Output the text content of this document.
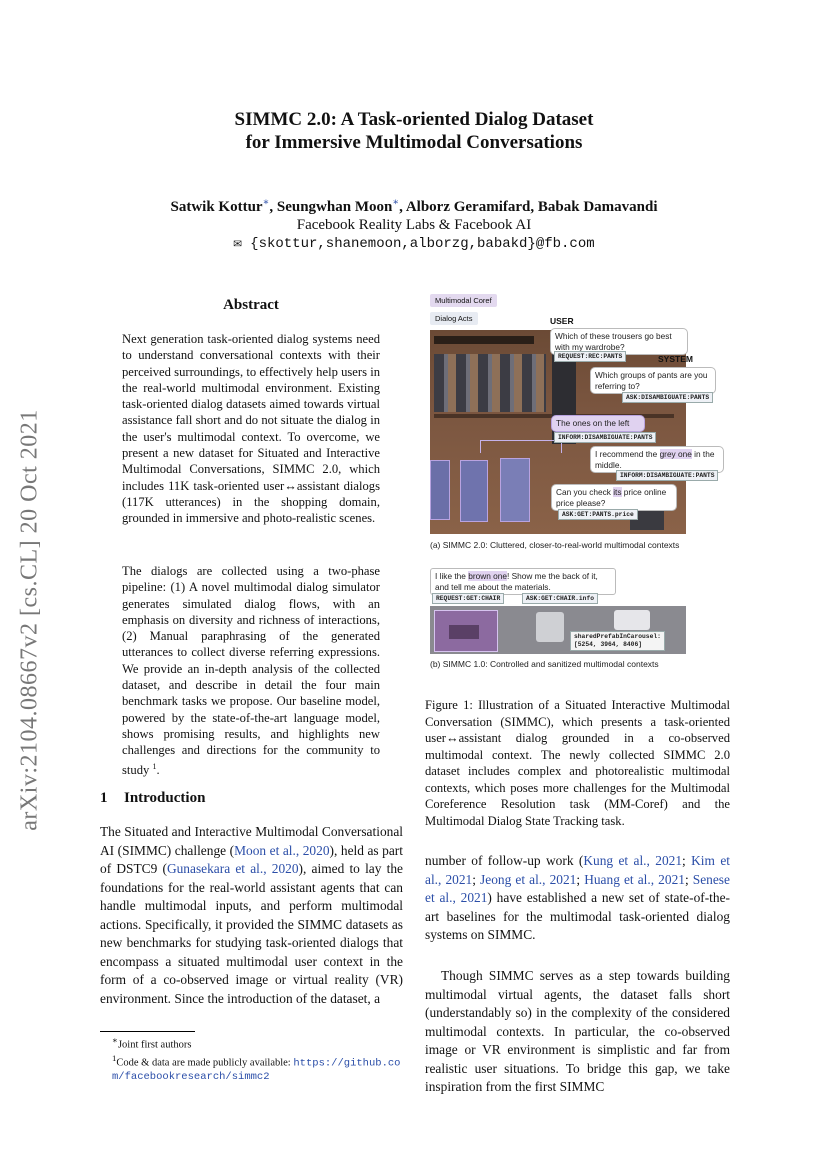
arXiv:2104.08667v2 [cs.CL] 20 Oct 2021
SIMMC 2.0: A Task-oriented Dialog Dataset
for Immersive Multimodal Conversations
Satwik Kottur∗, Seungwhan Moon∗, Alborz Geramifard, Babak Damavandi
Facebook Reality Labs & Facebook AI
✉ {skottur,shanemoon,alborzg,babakd}@fb.com
Abstract

Next generation task-oriented dialog systems need to understand conversational contexts with their perceived surroundings, to effectively help users in the real-world multimodal environment. Existing task-oriented dialog datasets aimed towards virtual assistance fall short and do not situate the dialog in the user's multimodal context. To overcome, we present a new dataset for Situated and Interactive Multimodal Conversations, SIMMC 2.0, which includes 11K task-oriented user↔assistant dialogs (117K utterances) in the shopping domain, grounded in immersive and photo-realistic scenes.

The dialogs are collected using a two-phase pipeline: (1) A novel multimodal dialog simulator generates simulated dialog flows, with an emphasis on diversity and richness of interactions, (2) Manual paraphrasing of the generated utterances to collect diverse referring expressions. We provide an in-depth analysis of the collected dataset, and describe in detail the four main benchmark tasks we propose. Our baseline model, powered by the state-of-the-art language model, shows promising results, and highlights new challenges and directions for the community to study $^1$.

1 Introduction
The Situated and Interactive Multimodal Conversational AI (SIMMC) challenge (Moon et al., 2020), held as part of DSTC9 (Gunasekara et al., 2020), aimed to lay the foundations for the real-world assistant agents that can handle multimodal inputs, and perform multimodal actions. Specifically, it provided the SIMMC datasets as new benchmarks for studying task-oriented dialogs that encompass a situated multimodal user context in the form of a co-observed image or virtual reality (VR) environment. Since the introduction of the dataset, a
∗Joint first authors
$^1$Code & data are made publicly available: https://github.com/facebookresearch/simmc2
Multimodal Coref
Dialog Acts	USER
Which of these trousers go best with my wardrobe?
REQUEST:REC:PANTS	SYSTEM
Which groups of pants are you referring to?
ASK:DISAMBIGUATE:PANTS
The ones on the left
INFORM:DISAMBIGUATE:PANTS
I recommend the grey one in the middle.
INFORM:DISAMBIGUATE:PANTS
Can you check its price online price please?
ASK:GET:PANTS.price
(a) SIMMC 2.0: Cluttered, closer-to-real-world multimodal contexts
I like the brown one! Show me the back of it, and tell me about the materials.
REQUEST:GET:CHAIR	ASK:GET:CHAIR.info
sharedPrefabInCarousel:
[5254, 3964, 8406]
(b) SIMMC 1.0: Controlled and sanitized multimodal contexts
Figure 1: Illustration of a Situated Interactive Multimodal Conversation (SIMMC), which presents a task-oriented user↔assistant dialog grounded in a co-observed multimodal context. The newly collected SIMMC 2.0 dataset includes complex and photorealistic multimodal contexts, which poses more challenges for the Multimodal Coreference Resolution task (MM-Coref) and the Multimodal Dialog State Tracking task.
number of follow-up work (Kung et al., 2021; Kim et al., 2021; Jeong et al., 2021; Huang et al., 2021; Senese et al., 2021) have established a new set of state-of-the-art baselines for the multimodal task-oriented dialog systems on SIMMC.
Though SIMMC serves as a step towards building multimodal virtual agents, the dataset falls short (understandably so) in the complexity of the considered multimodal contexts. In particular, the co-observed image or VR environment is simplistic and far from realistic user situations. To bridge this gap, we take inspiration from the first SIMMC
